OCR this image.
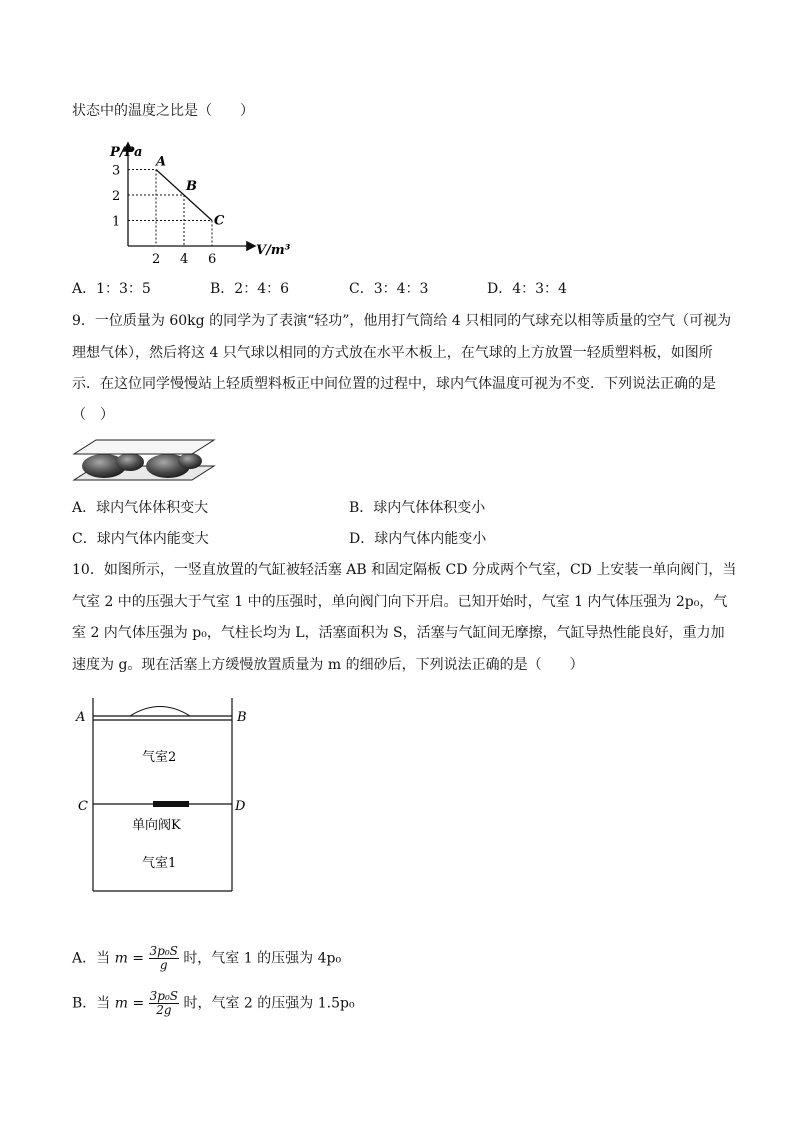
状态中的温度之比是（　　）
P/Pa
V/m³
3
2
1
2 4 6
A
B
C
A．1：3：5	B．2：4：6	C．3：4：3	D．4：3：4
9．一位质量为 60kg 的同学为了表演“轻功”，他用打气筒给 4 只相同的气球充以相等质量的空气（可视为
理想气体），然后将这 4 只气球以相同的方式放在水平木板上，在气球的上方放置一轻质塑料板，如图所
示．在这位同学慢慢站上轻质塑料板正中间位置的过程中，球内气体温度可视为不变．下列说法正确的是
（　）
A．球内气体体积变大	B．球内气体体积变小
C．球内气体内能变大	D．球内气体内能变小
10．如图所示，一竖直放置的气缸被轻活塞 AB 和固定隔板 CD 分成两个气室，CD 上安装一单向阀门，当
气室 2 中的压强大于气室 1 中的压强时，单向阀门向下开启。已知开始时，气室 1 内气体压强为 2p₀，气
室 2 内气体压强为 p₀，气柱长均为 L，活塞面积为 S，活塞与气缸间无摩擦，气缸导热性能良好，重力加
速度为 g。现在活塞上方缓慢放置质量为 m 的细砂后，下列说法正确的是（　　）
A	B
C	D
气室2
单向阀K
气室1
A．当 $m = \frac{\text{3p₀S}}{g}$ 时，气室 1 的压强为 4p₀
B．当 $m = \frac{\text{3p₀S}}{2g}$ 时，气室 2 的压强为 1.5p₀
